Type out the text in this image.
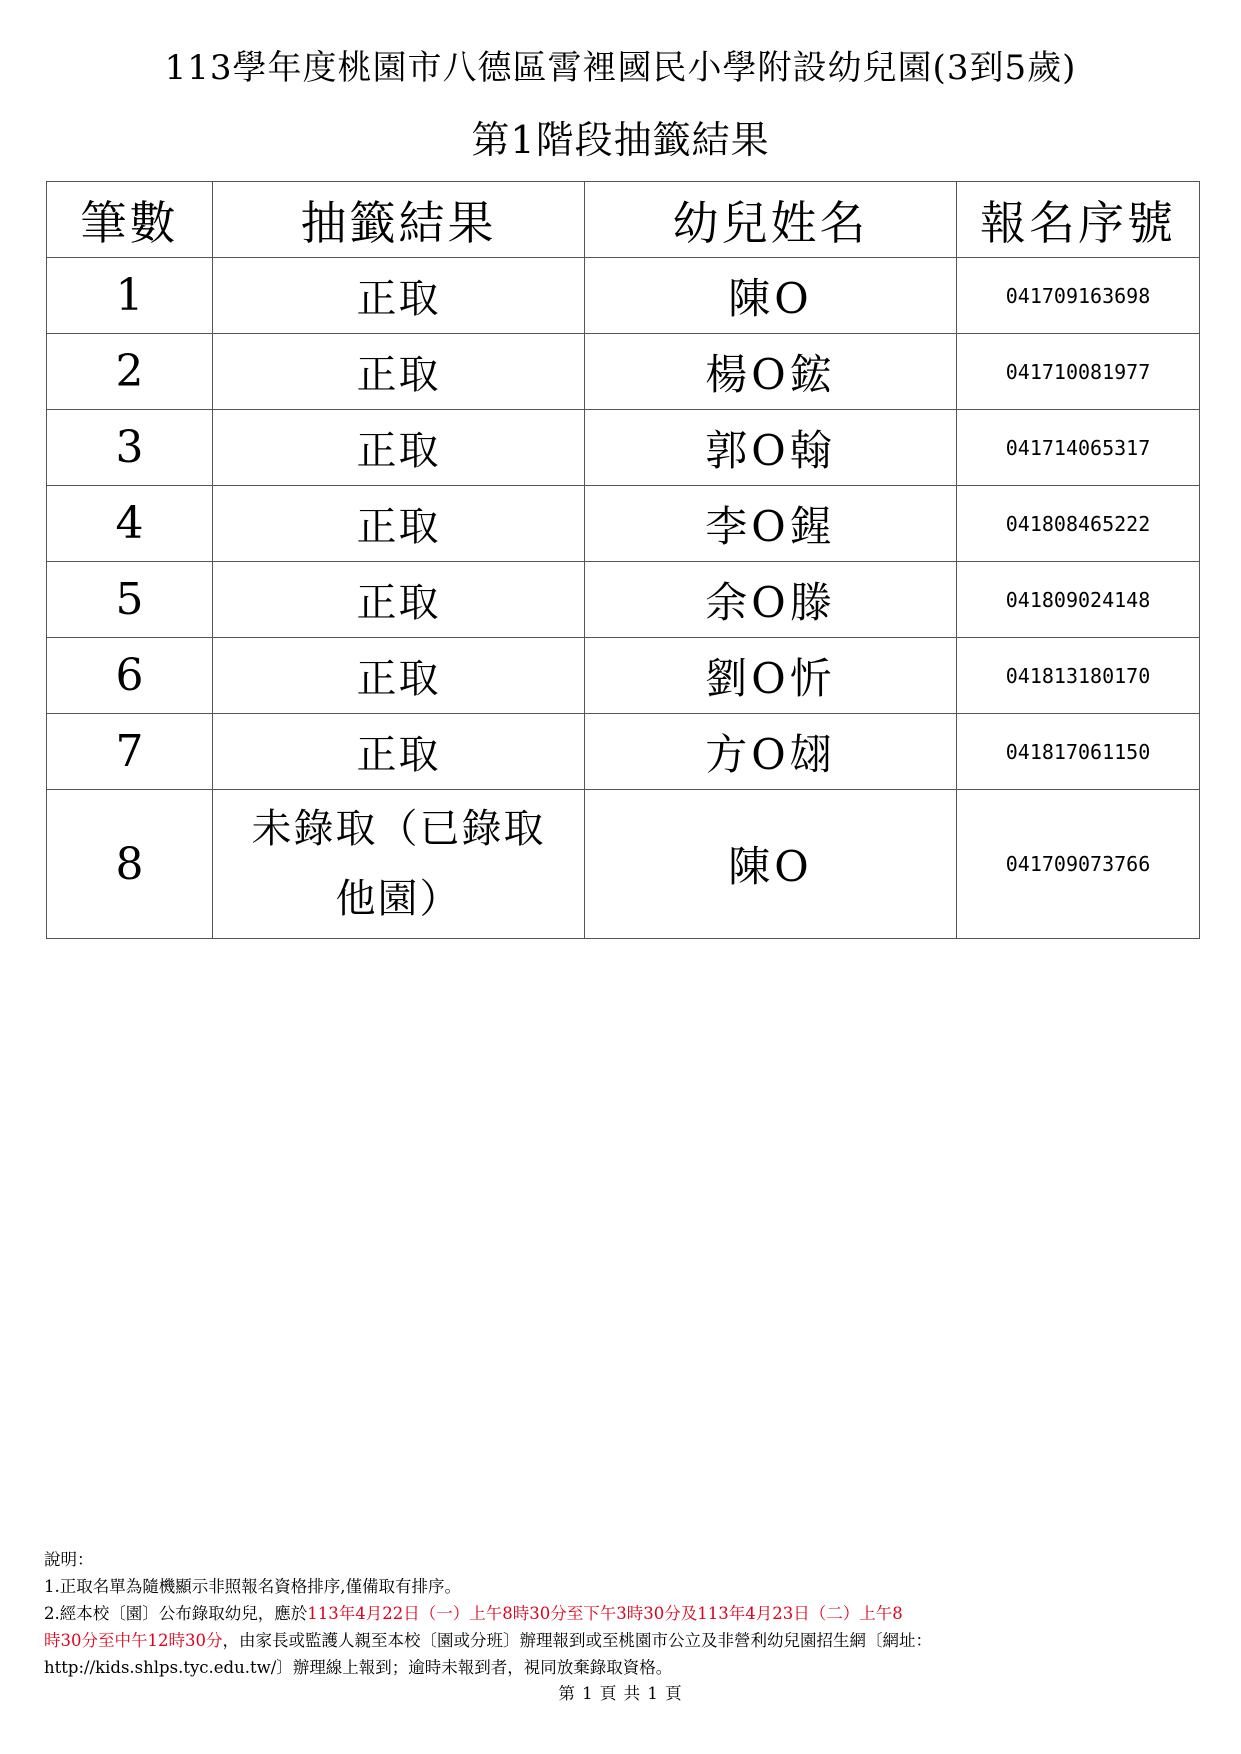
113學年度桃園市八德區霄裡國民小學附設幼兒園(3到5歲)
第1階段抽籤結果
筆數	抽籤結果	幼兒姓名	報名序號
1	正取	陳O	041709163698
2	正取	楊O鋐	041710081977
3	正取	郭O翰	041714065317
4	正取	李O鍟	041808465222
5	正取	余O滕	041809024148
6	正取	劉O忻	041813180170
7	正取	方O翃	041817061150
8	未錄取（已錄取他園）	陳O	041709073766
說明：
1.正取名單為隨機顯示非照報名資格排序,僅備取有排序。
2.經本校〔園〕公布錄取幼兒，應於113年4月22日（一）上午8時30分至下午3時30分及113年4月23日（二）上午8
時30分至中午12時30分，由家長或監護人親至本校〔園或分班〕辦理報到或至桃園市公立及非營利幼兒園招生網〔網址：
http://kids.shlps.tyc.edu.tw/〕辦理線上報到；逾時未報到者，視同放棄錄取資格。
第 1 頁 共 1 頁
